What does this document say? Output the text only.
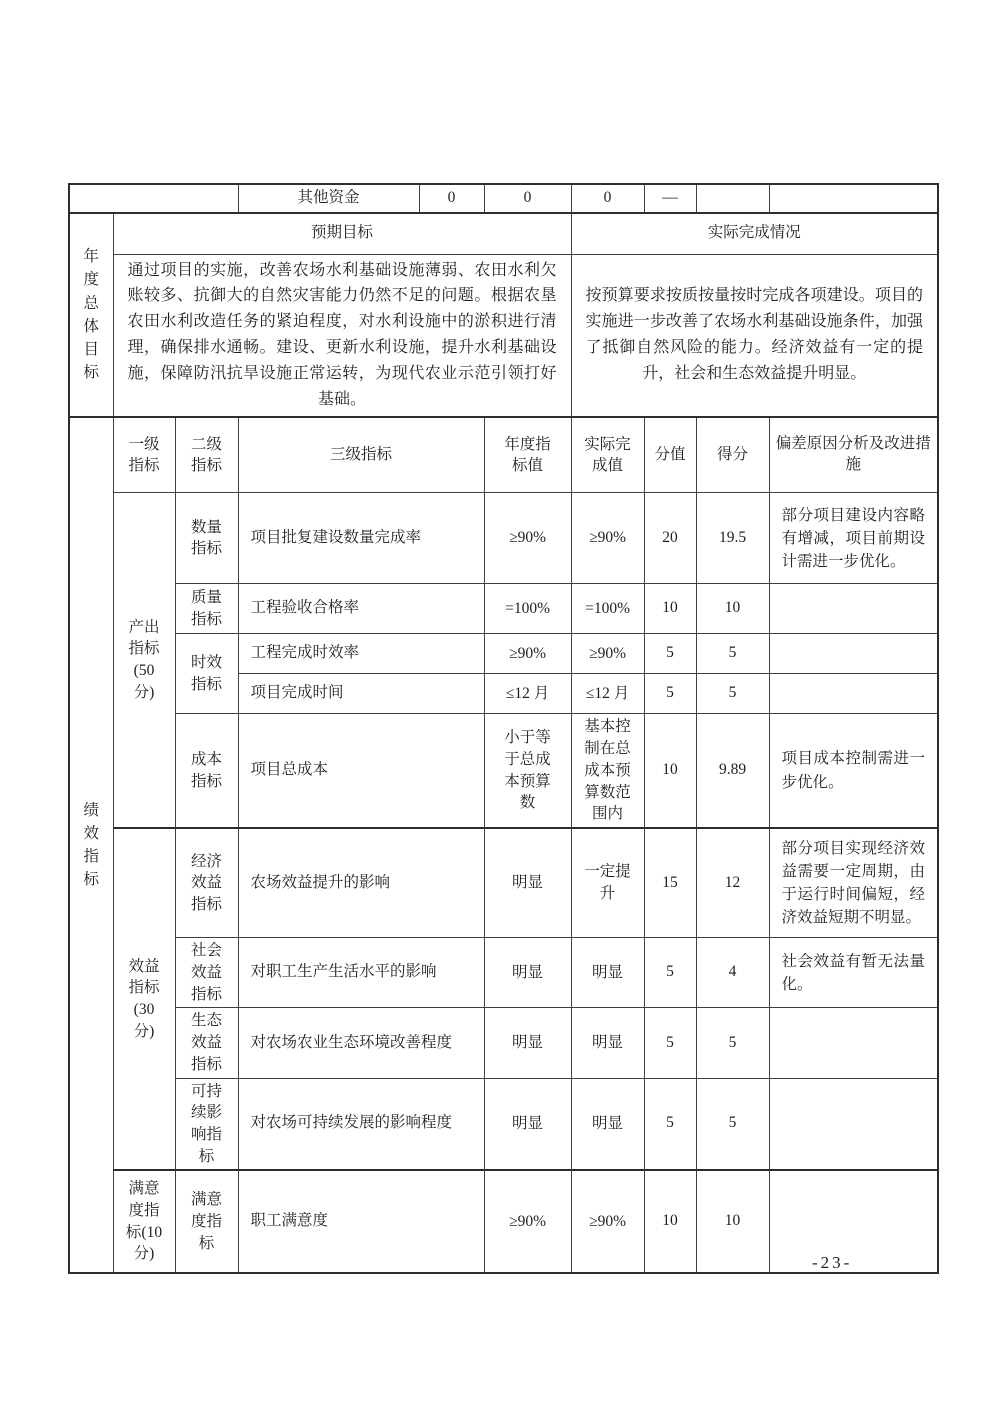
			其他资金	0	0	0	—		

年度总体目标	预期目标					实际完成情况			
	通过项目的实施，改善农场水利基础设施薄弱、农田水利欠账较多、抗御大的自然灾害能力仍然不足的问题。根据农垦农田水利改造任务的紧迫程度，对水利设施中的淤积进行清理，确保排水通畅。建设、更新水利设施，提升水利基础设施，保障防汛抗旱设施正常运转，为现代农业示范引领打好基础。					按预算要求按质按量按时完成各项建设。项目的实施进一步改善了农场水利基础设施条件，加强了抵御自然风险的能力。经济效益有一定的提升，社会和生态效益提升明显。			

绩效指标	一级指标	二级指标	三级指标		年度指标值	实际完成值	分值	得分	偏差原因分析及改进措施
	产出指标(50分)	数量指标	项目批复建设数量完成率		≥90%	≥90%	20	19.5	部分项目建设内容略有增减，项目前期设计需进一步优化。
		质量指标	工程验收合格率		=100%	=100%	10	10	
		时效指标	工程完成时效率		≥90%	≥90%	5	5	
			项目完成时间		≤12 月	≤12 月	5	5	
		成本指标	项目总成本		小于等于总成本预算数	基本控制在总成本预算数范围内	10	9.89	项目成本控制需进一步优化。
	效益指标(30分)	经济效益指标	农场效益提升的影响		明显	一定提升	15	12	部分项目实现经济效益需要一定周期，由于运行时间偏短，经济效益短期不明显。
		社会效益指标	对职工生产生活水平的影响		明显	明显	5	4	社会效益有暂无法量化。
		生态效益指标	对农场农业生态环境改善程度		明显	明显	5	5	
		可持续影响指标	对农场可持续发展的影响程度		明显	明显	5	5	
	满意度指标(10分)	满意度指标	职工满意度		≥90%	≥90%	10	10	
-23-
